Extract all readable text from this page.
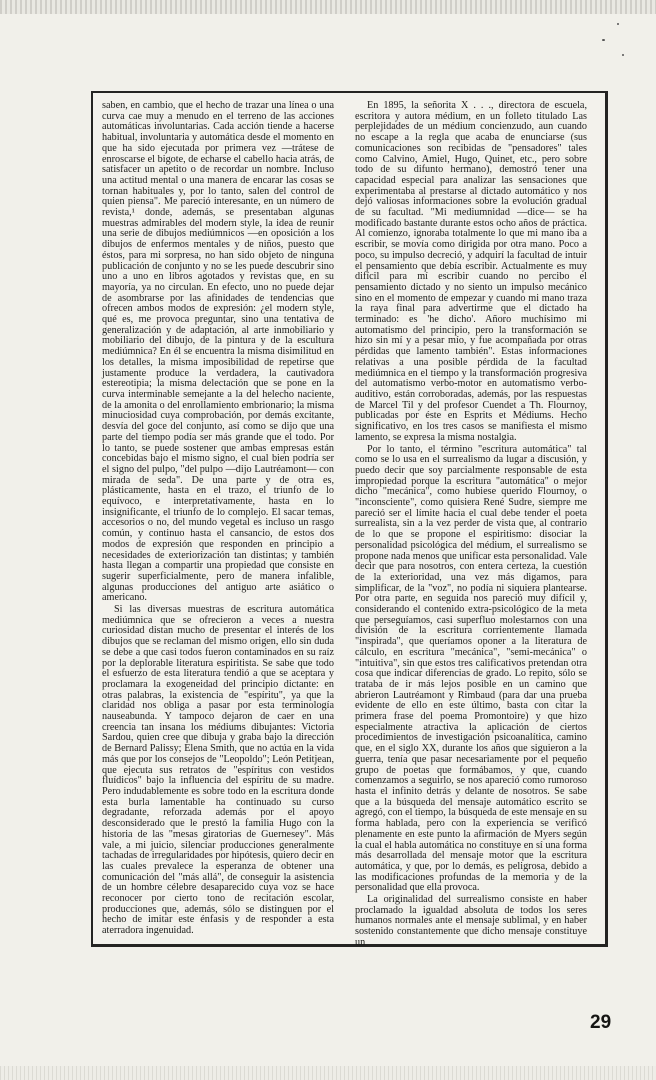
saben, en cambio, que el hecho de trazar una línea o una curva cae muy a menudo en el terreno de las acciones automáticas involuntarias. Cada acción tiende a hacerse habitual, involuntaria y automática desde el momento en que ha sido ejecutada por primera vez —trátese de enroscarse el bigote, de echarse el cabello hacia atrás, de satisfacer un apetito o de recordar un nombre. Incluso una actitud mental o una manera de encarar las cosas se tornan habituales y, por lo tanto, salen del control de quien piensa". Me pareció interesante, en un número de revista,¹ donde, además, se presentaban algunas muestras admirables del modern style, la idea de reunir una serie de dibujos mediúmnicos —en oposición a los dibujos de enfermos mentales y de niños, puesto que éstos, para mi sorpresa, no han sido objeto de ninguna publicación de conjunto y no se les puede descubrir sino uno a uno en libros agotados y revistas que, en su mayoría, ya no circulan. En efecto, uno no puede dejar de asombrarse por las afinidades de tendencias que ofrecen ambos modos de expresión: ¿el modern style, qué es, me provoca preguntar, sino una tentativa de generalización y de adaptación, al arte inmobiliario y mobiliario del dibujo, de la pintura y de la escultura mediúmnica? En él se encuentra la misma disimilitud en los detalles, la misma imposibilidad de repetirse que justamente produce la verdadera, la cautivadora estereotipia; la misma delectación que se pone en la curva interminable semejante a la del helecho naciente, de la amonita o del enrollamiento embrionario; la misma minuciosidad cuya comprobación, por demás excitante, desvía del goce del conjunto, así como se dijo que una parte del tiempo podía ser más grande que el todo. Por lo tanto, se puede sostener que ambas empresas están concebidas bajo el mismo signo, el cual bien podría ser el signo del pulpo, "del pulpo —dijo Lautréamont— con mirada de seda". De una parte y de otra es, plásticamente, hasta en el trazo, el triunfo de lo equívoco, e interpretativamente, hasta en lo insignificante, el triunfo de lo complejo. El sacar temas, accesorios o no, del mundo vegetal es incluso un rasgo común, y continuo hasta el cansancio, de estos dos modos de expresión que responden en principio a necesidades de exteriorización tan distintas; y también hasta llegan a compartir una propiedad que consiste en sugerir superficialmente, pero de manera infalible, algunas producciones del antiguo arte asiático o americano.

Si las diversas muestras de escritura automática mediúmnica que se ofrecieron a veces a nuestra curiosidad distan mucho de presentar el interés de los dibujos que se reclaman del mismo origen, ello sin duda se debe a que casi todos fueron contaminados en su raíz por la deplorable literatura espiritista. Se sabe que todo el esfuerzo de esta literatura tendió a que se aceptara y proclamara la exogeneidad del principio dictante: en otras palabras, la existencia de "espíritu", ya que la claridad nos obliga a pasar por esta terminología nauseabunda. Y tampoco dejaron de caer en una creencia tan insana los médiums dibujantes: Victoria Sardou, quien cree que dibuja y graba bajo la dirección de Bernard Palissy; Elena Smith, que no actúa en la vida más que por los consejos de "Leopoldo"; León Petitjean, que ejecuta sus retratos de "espíritus con vestidos fluídicos" bajo la influencia del espíritu de su madre. Pero indudablemente es sobre todo en la escritura donde esta burla lamentable ha continuado su curso degradante, reforzada además por el apoyo desconsiderado que le prestó la familia Hugo con la historia de las "mesas giratorias de Guernesey". Más vale, a mi juicio, silenciar producciones generalmente tachadas de irregularidades por hipótesis, quiero decir en las cuales prevalece la esperanza de obtener una comunicación del "más allá", de conseguir la asistencia de un hombre célebre desaparecido cuya voz se hace reconocer por cierto tono de recitación escolar, producciones que, además, sólo se distinguen por el hecho de imitar este énfasis y de responder a esta aterradora ingenuidad.

En 1895, la señorita X . . ., directora de escuela, escritora y autora médium, en un folleto titulado Las perplejidades de un médium concienzudo, aun cuando no escape a la regla que acaba de enunciarse (sus comunicaciones son recibidas de "pensadores" tales como Calvino, Amiel, Hugo, Quinet, etc., pero sobre todo de su difunto hermano), demostró tener una capacidad especial para analizar las sensaciones que experimentaba al prestarse al dictado automático y nos dejó valiosas informaciones sobre la evolución gradual de su facultad. "Mi mediumnidad —dice— se ha modificado bastante durante estos ocho años de práctica. Al comienzo, ignoraba totalmente lo que mi mano iba a escribir, se movía como dirigida por otra mano. Poco a poco, su impulso decreció, y adquirí la facultad de intuir el pensamiento que debía escribir. Actualmente es muy difícil para mí escribir cuando no percibo el pensamiento dictado y no siento un impulso mecánico sino en el momento de empezar y cuando mi mano traza la raya final para advertirme que el dictado ha terminado: es 'he dicho'. Añoro muchísimo mi automatismo del principio, pero la transformación se hizo sin mí y a pesar mío, y fue acompañada por otras pérdidas que lamento también". Estas informaciones relativas a una posible pérdida de la facultad mediúmnica en el tiempo y la transformación progresiva del automatismo verbo-motor en automatismo verbo-auditivo, están corroboradas, además, por las respuestas de Marcel Til y del profesor Cuendet a Th. Flournoy, publicadas por éste en Esprits et Médiums. Hecho significativo, en los tres casos se manifiesta el mismo lamento, se expresa la misma nostalgia.

Por lo tanto, el término "escritura automática" tal como se lo usa en el surrealismo da lugar a discusión, y puedo decir que soy parcialmente responsable de esta impropiedad porque la escritura "automática" o mejor dicho "mecánica", como hubiese querido Flournoy, o "inconsciente", como quisiera René Sudre, siempre me pareció ser el límite hacia el cual debe tender el poeta surrealista, sin a la vez perder de vista que, al contrario de lo que se propone el espiritismo: disociar la personalidad psicológica del médium, el surrealismo se propone nada menos que unificar esta personalidad. Vale decir que para nosotros, con entera certeza, la cuestión de la exterioridad, una vez más digamos, para simplificar, de la "voz", no podía ni siquiera plantearse. Por otra parte, en seguida nos pareció muy difícil y, considerando el contenido extra-psicológico de la meta que perseguíamos, casi superfluo molestarnos con una división de la escritura corrientemente llamada "inspirada", que queríamos oponer a la literatura de cálculo, en escritura "mecánica", "semi-mecánica" o "intuitiva", sin que estos tres calificativos pretendan otra cosa que indicar diferencias de grado. Lo repito, sólo se trataba de ir más lejos posible en un camino que abrieron Lautréamont y Rimbaud (para dar una prueba evidente de ello en este último, basta con citar la primera frase del poema Promontoire) y que hizo especialmente atractiva la aplicación de ciertos procedimientos de investigación psicoanalítica, camino que, en el siglo XX, durante los años que siguieron a la guerra, tenía que pasar necesariamente por el pequeño grupo de poetas que formábamos, y que, cuando comenzamos a seguirlo, se nos apareció como rumoroso hasta el infinito detrás y delante de nosotros. Se sabe que a la búsqueda del mensaje automático escrito se agregó, con el tiempo, la búsqueda de este mensaje en su forma hablada, pero con la experiencia se verificó plenamente en este punto la afirmación de Myers según la cual el habla automática no constituye en sí una forma más desarrollada del mensaje motor que la escritura automática, y que, por lo demás, es peligrosa, debido a las modificaciones profundas de la memoria y de la personalidad que ella provoca.

La originalidad del surrealismo consiste en haber proclamado la igualdad absoluta de todos los seres humanos normales ante el mensaje sublimal, y en haber sostenido constantemente que dicho mensaje constituye un

29
